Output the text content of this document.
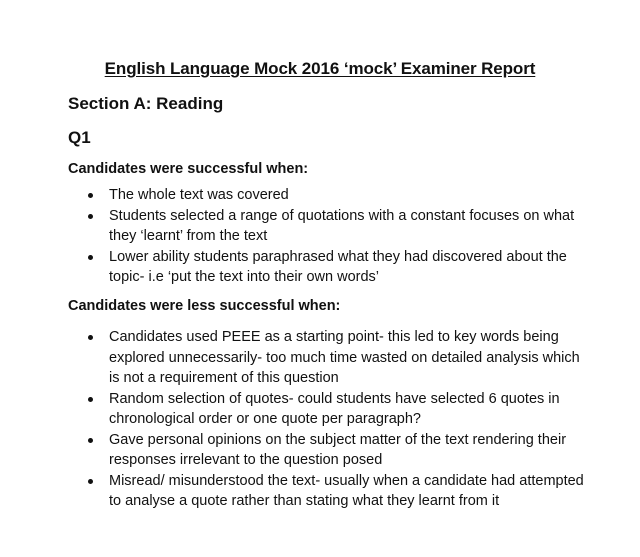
English Language Mock 2016 ‘mock’ Examiner Report
Section A: Reading
Q1
Candidates were successful when:
The whole text was covered
Students selected a range of quotations with a constant focuses on what they ‘learnt’ from the text
Lower ability students paraphrased what they had discovered about the topic- i.e ‘put the text into their own words’
Candidates were less successful when:
Candidates used PEEE as a starting point- this led to key words being explored unnecessarily- too much time wasted on detailed analysis which is not a requirement of this question
Random selection of quotes- could students have selected 6 quotes in chronological order or one quote per paragraph?
Gave personal opinions on the subject matter of the text rendering their responses irrelevant to the question posed
Misread/ misunderstood the text- usually when a candidate had attempted to analyse a quote rather than stating what they learnt from it
